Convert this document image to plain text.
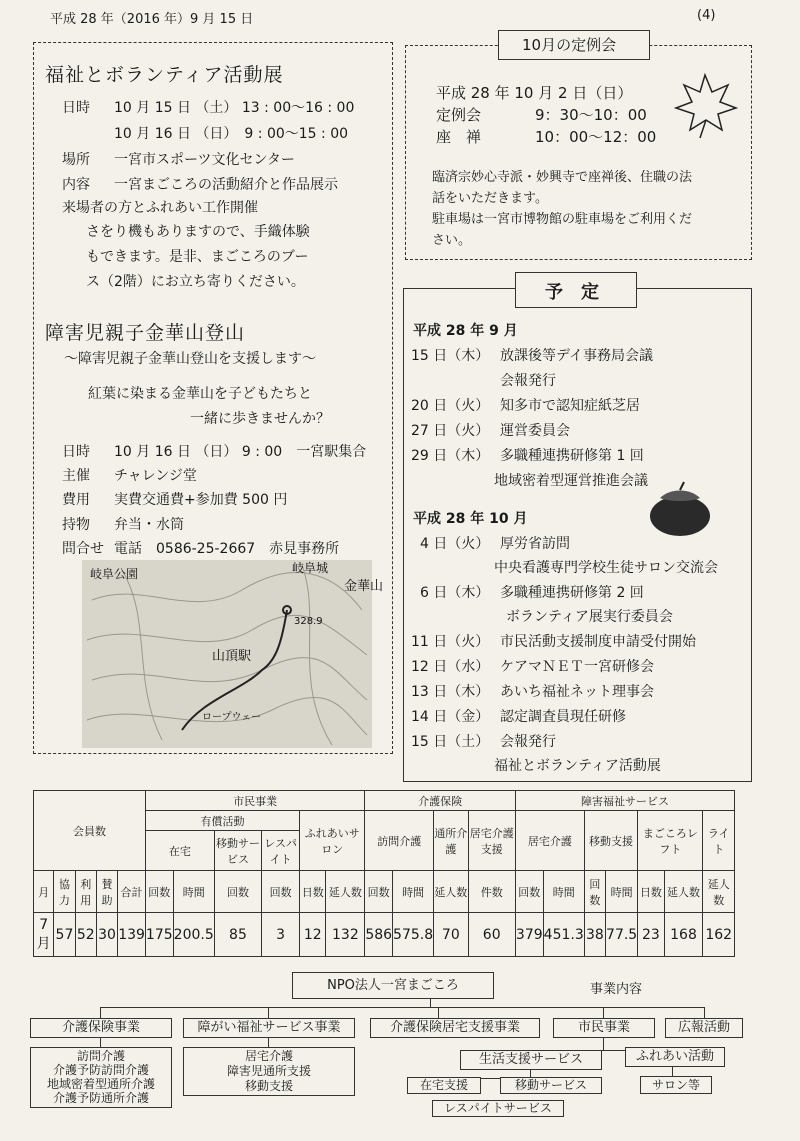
平成 28 年（2016 年）9 月 15 日	(4)
福祉とボランティア活動展
日時 10 月 15 日 （土） 13 : 00〜16 : 00
10 月 16 日 （日）　9 : 00〜15 : 00
場所 一宮市スポーツ文化センター
内容 一宮まごころの活動紹介と作品展示
来場者の方とふれあい工作開催
さをり機もありますので、手織体験
もできます。是非、まごころのブー
ス（2階）にお立ち寄りください。
障害児親子金華山登山
〜障害児親子金華山登山を支援します〜
紅葉に染まる金華山を子どもたちと
一緒に歩きませんか？
日時 10 月 16 日 （日） 9 : 00　一宮駅集合
主催 チャレンジ堂
費用 実費交通費+参加費 500 円
持物 弁当・水筒
問合せ 電話　0586-25-2667　赤見事務所
岐阜城
金華山
岐阜公園
山頂駅
ロープウェー
328.9
10月の定例会
平成 28 年 10 月 2 日（日）
定例会	9：30〜10：00
座　禅	10：00〜12：00
臨済宗妙心寺派・妙興寺で座禅後、住職の法
話をいただきます。
駐車場は一宮市博物館の駐車場をご利用くだ
さい。
予　定
平成 28 年 9 月
15 日（木） 放課後等デイ事務局会議
会報発行
20 日（火） 知多市で認知症紙芝居
27 日（火） 運営委員会
29 日（木） 多職種連携研修第 1 回
地域密着型運営推進会議
平成 28 年 10 月
4 日（火） 厚労省訪問
中央看護専門学校生徒サロン交流会
6 日（木） 多職種連携研修第 2 回
ボランティア展実行委員会
11 日（火） 市民活動支援制度申請受付開始
12 日（水） ケアマＮＥＴ一宮研修会
13 日（木） あいち福祉ネット理事会
14 日（金） 認定調査員現任研修
15 日（土） 会報発行
福祉とボランティア活動展
会員数					市民事業						介護保険				障害福祉サービス						
					有償活動				ふれあいサロン		訪問介護		通所介護	居宅介護支援	居宅介護		移動支援		まごころレフト		ライト
					在宅		移動サービス	レスパイト													
月	協力	利用	賛助	合計	回数	時間	回数	回数	日数	延人数	回数	時間	延人数	件数	回数	時間	回数	時間	日数	延人数	延人数
7月	57	52	30	139	175	200.5	85	3	12	132	586	575.8	70	60	379	451.3	38	77.5	23	168	162
NPO法人一宮まごころ	事業内容
介護保険事業	障がい福祉サービス事業	介護保険居宅支援事業	市民事業	広報活動
訪問介護
介護予防訪問介護
地域密着型通所介護
介護予防通所介護
居宅介護
障害児通所支援
移動支援
生活支援サービス	ふれあい活動
在宅支援	移動サービス
レスパイトサービス
サロン等
